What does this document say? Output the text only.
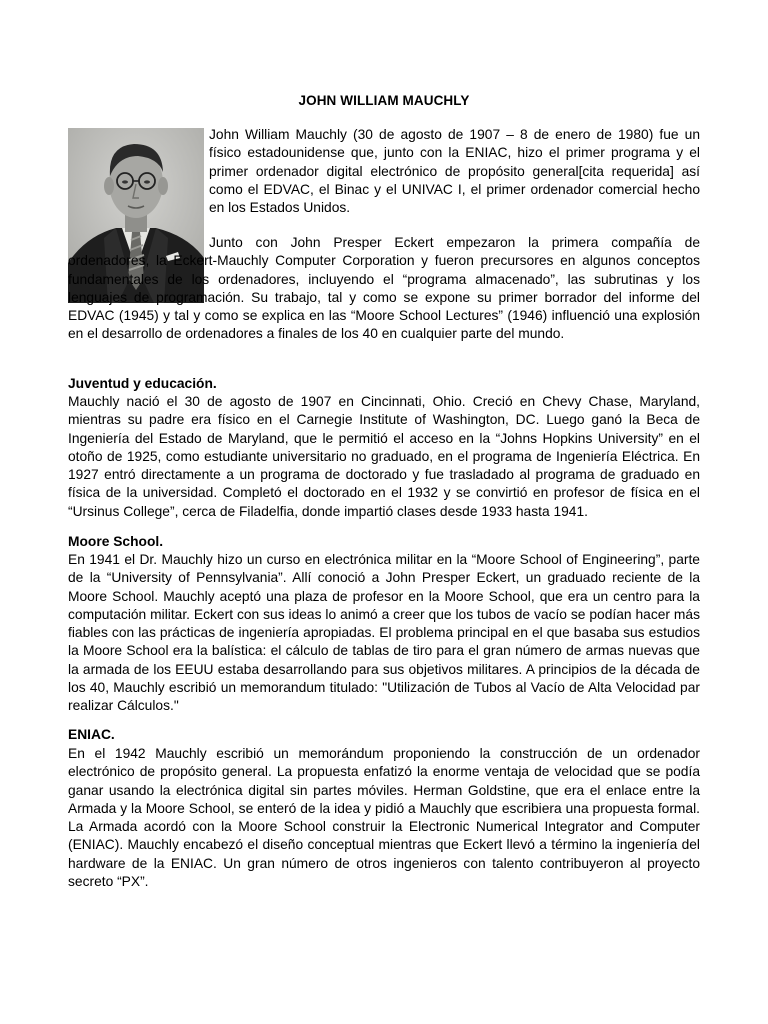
JOHN WILLIAM MAUCHLY

John William Mauchly (30 de agosto de 1907 – 8 de enero de 1980) fue un físico estadounidense que, junto con la ENIAC, hizo el primer programa y el primer ordenador digital electrónico de propósito general[cita requerida] así como el EDVAC, el Binac y el UNIVAC I, el primer ordenador comercial hecho en los Estados Unidos.

Junto con John Presper Eckert empezaron la primera compañía de ordenadores, la Eckert-Mauchly Computer Corporation y fueron precursores en algunos conceptos fundamentales de los ordenadores, incluyendo el “programa almacenado”, las subrutinas y los lenguajes de programación. Su trabajo, tal y como se expone su primer borrador del informe del EDVAC (1945) y tal y como se explica en las “Moore School Lectures” (1946) influenció una explosión en el desarrollo de ordenadores a finales de los 40 en cualquier parte del mundo.

Juventud y educación.

Mauchly nació el 30 de agosto de 1907 en Cincinnati, Ohio. Creció en Chevy Chase, Maryland, mientras su padre era físico en el Carnegie Institute of Washington, DC. Luego ganó la Beca de Ingeniería del Estado de Maryland, que le permitió el acceso en la “Johns Hopkins University” en el otoño de 1925, como estudiante universitario no graduado, en el programa de Ingeniería Eléctrica. En 1927 entró directamente a un programa de doctorado y fue trasladado al programa de graduado en física de la universidad. Completó el doctorado en el 1932 y se convirtió en profesor de física en el “Ursinus College”, cerca de Filadelfia, donde impartió clases desde 1933 hasta 1941.

Moore School.

En 1941 el Dr. Mauchly hizo un curso en electrónica militar en la “Moore School of Engineering”, parte de la “University of Pennsylvania”. Allí conoció a John Presper Eckert, un graduado reciente de la Moore School. Mauchly aceptó una plaza de profesor en la Moore School, que era un centro para la computación militar. Eckert con sus ideas lo animó a creer que los tubos de vacío se podían hacer más fiables con las prácticas de ingeniería apropiadas. El problema principal en el que basaba sus estudios la Moore School era la balística: el cálculo de tablas de tiro para el gran número de armas nuevas que la armada de los EEUU estaba desarrollando para sus objetivos militares. A principios de la década de los 40, Mauchly escribió un memorandum titulado: "Utilización de Tubos al Vacío de Alta Velocidad par realizar Cálculos."

ENIAC.

En el 1942 Mauchly escribió un memorándum proponiendo la construcción de un ordenador electrónico de propósito general. La propuesta enfatizó la enorme ventaja de velocidad que se podía ganar usando la electrónica digital sin partes móviles. Herman Goldstine, que era el enlace entre la Armada y la Moore School, se enteró de la idea y pidió a Mauchly que escribiera una propuesta formal. La Armada acordó con la Moore School construir la Electronic Numerical Integrator and Computer (ENIAC). Mauchly encabezó el diseño conceptual mientras que Eckert llevó a término la ingeniería del hardware de la ENIAC. Un gran número de otros ingenieros con talento contribuyeron al proyecto secreto “PX”.
